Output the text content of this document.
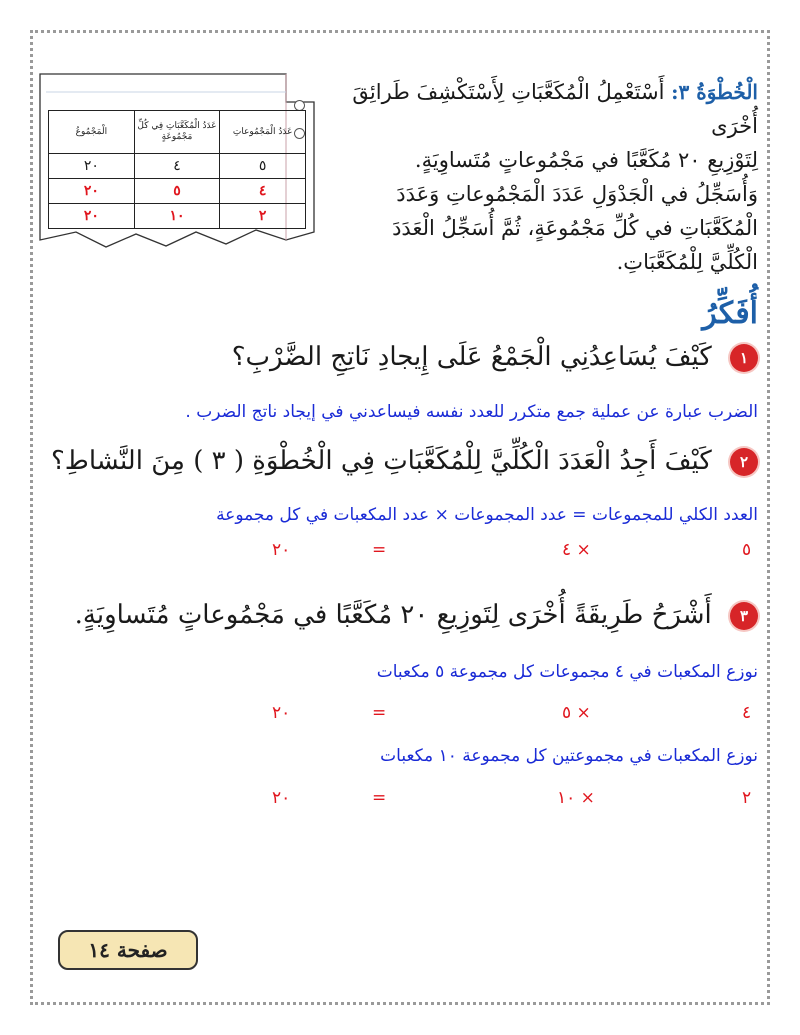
الْخُطْوَةُ ٣: أَسْتَعْمِلُ الْمُكَعَّبَاتِ لِأَسْتَكْشِفَ طَرائِقَ أُخْرَى
لِتَوْزِيعِ ٢٠ مُكَعَّبًا في مَجْمُوعاتٍ مُتَساوِيَةٍ.
وَأُسَجِّلُ في الْجَدْوَلِ عَدَدَ الْمَجْمُوعاتِ وَعَدَدَ
الْمُكَعَّبَاتِ في كُلِّ مَجْمُوعَةٍ، ثُمَّ أُسَجِّلُ الْعَدَدَ
الْكُلِّيَّ لِلْمُكَعَّبَاتِ.
عَدَدُ الْمَجْمُوعاتِ	عَدَدُ الْمُكَعَّبَاتِ فِي كُلِّ مَجْمُوعَةٍ	الْمَجْمُوعُ
٥	٤	٢٠
٤	٥	٢٠
٢	١٠	٢٠
أُفَكِّرُ
١ كَيْفَ يُسَاعِدُنِي الْجَمْعُ عَلَى إِيجادِ نَاتِجِ الضَّرْبِ؟
الضرب عبارة عن عملية جمع متكرر للعدد نفسه فيساعدني في إيجاد ناتج الضرب .
٢ كَيْفَ أَجِدُ الْعَدَدَ الْكُلِّيَّ لِلْمُكَعَّبَاتِ فِي الْخُطْوَةِ ( ٣ ) مِنَ النَّشاطِ؟
العدد الكلي للمجموعات = عدد المجموعات × عدد المكعبات في كل مجموعة
٢٠	=	٤ ×	٥
٣ أَشْرَحُ طَرِيقَةً أُخْرَى لِتَوزِيعِ ٢٠ مُكَعَّبًا في مَجْمُوعاتٍ مُتَساوِيَةٍ.
نوزع المكعبات في ٤ مجموعات كل مجموعة ٥ مكعبات
٢٠	=	٥ ×	٤
نوزع المكعبات في مجموعتين كل مجموعة ١٠ مكعبات
٢٠	=	١٠ ×	٢
صفحة ١٤
